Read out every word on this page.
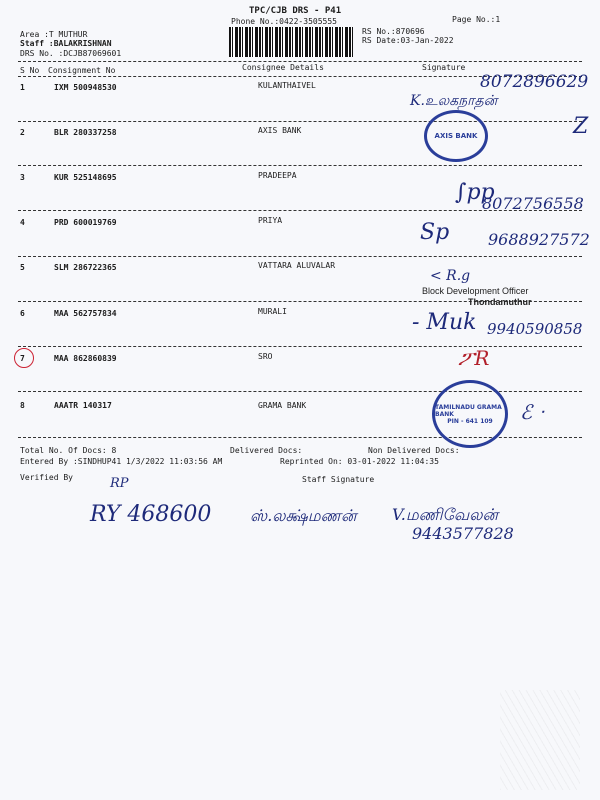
TPC/CJB DRS - P41
Phone No.:0422-3505555	Page No.:1
Area :T MUTHUR
Staff :BALAKRISHNAN
DRS No. :DCJB87069601
RS No.:870696
RS Date:03-Jan-2022
S No Consignment No	Consignee Details	Signature
1	IXM 500948530	KULANTHAIVEL
2	BLR 280337258	AXIS BANK
3	KUR 525148695	PRADEEPA
4	PRD 600019769	PRIYA
5	SLM 286722365	VATTARA ALUVALAR
6	MAA 562757834	MURALI
7	MAA 862860839	SRO
8	AAATR 140317	GRAMA BANK
8072896629
K.உலகநாதன்
AXIS BANK	Z
∫pp
8072756558
Sp 9688927572
< R.g
Block Development Officer
Thondamuthur
- Muk 9940590858
ፖR
TAMILNADU GRAMA BANK
PIN - 641 109 ℰ ᐧ
Total No. Of Docs: 8	Delivered Docs:	Non Delivered Docs:
Entered By :SINDHUP41 1/3/2022 11:03:56 AM	Reprinted On: 03-01-2022 11:04:35
Verified By	Staff Signature
RP
RY 468600 ஸ்.லக்ஷ்மணன் V.மணிவேலன்
9443577828
